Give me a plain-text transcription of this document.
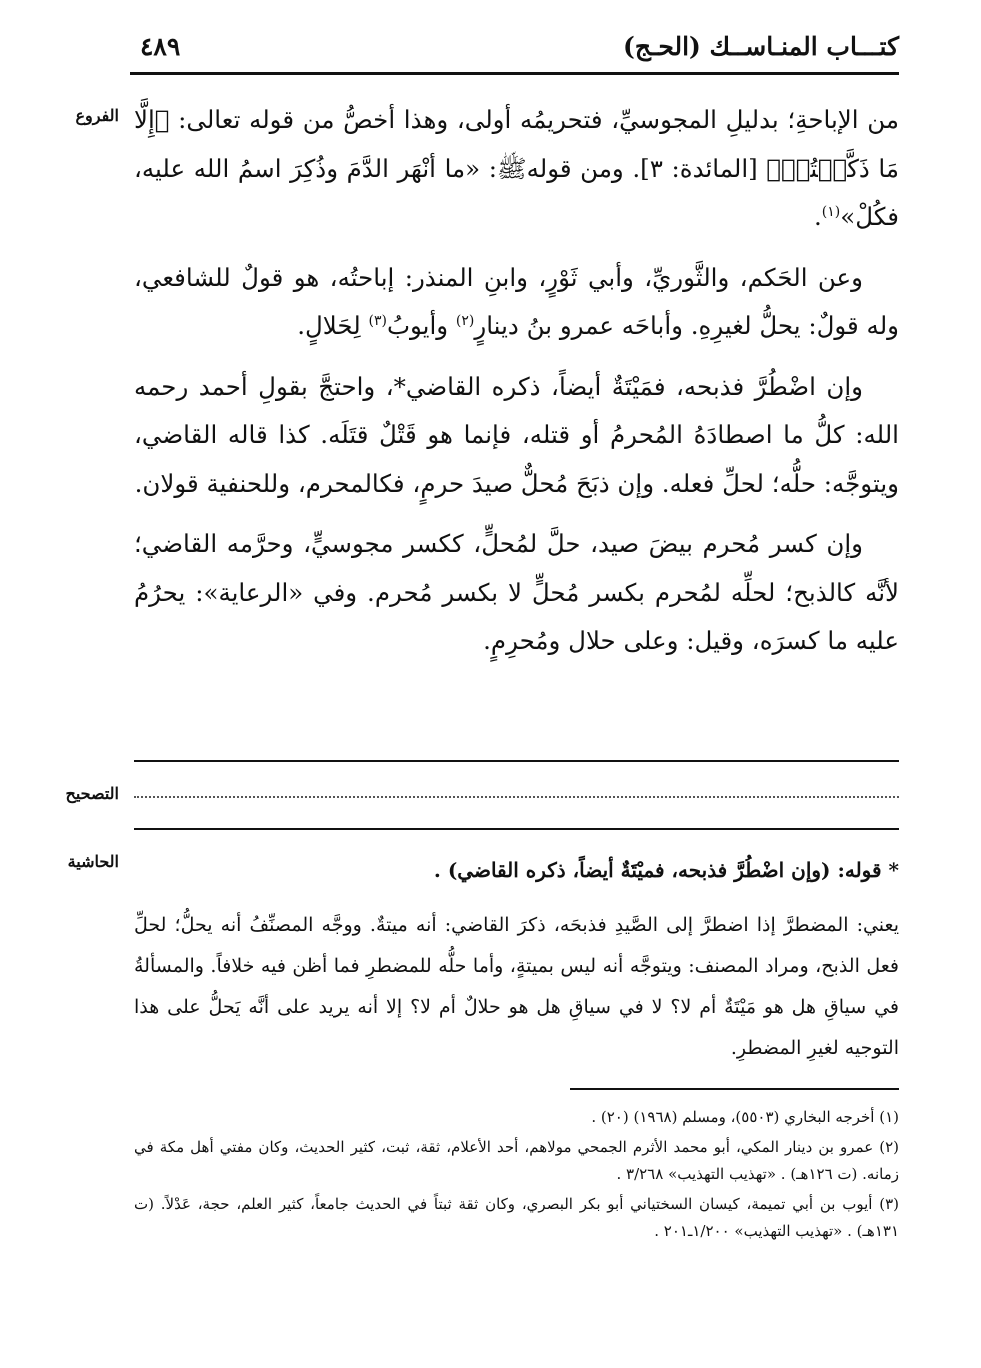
كتـــاب المنـاســك (الحـج)
٤٨٩
الفروع من الإباحةِ؛ بدليلِ المجوسيِّ، فتحريمُه أولى، وهذا أخصُّ من قوله تعالى: ﴿إِلَّا مَا ذَكَّيۡتُمۡ﴾ [المائدة: ٣]. ومن قولهﷺ: «ما أنْهَر الدَّمَ وذُكِرَ اسمُ الله عليه، فكُلْ»$^{(١)}$.

وعن الحَكم، والثَّوريِّ، وأبي ثَوْرٍ، وابنِ المنذر: إباحتُه، هو قولٌ للشافعي، وله قولٌ: يحلُّ لغيرِهِ. وأباحَه عمرو بنُ دينارٍ$^{(٢)}$ وأيوبُ$^{(٣)}$ لِحَلالٍ.

وإن اضْطُرَّ فذبحه، فمَيْتَةٌ أيضاً، ذكره القاضي*، واحتجَّ بقولِ أحمد رحمه الله: كلُّ ما اصطادَهُ المُحرمُ أو قتله، فإنما هو قَتْلٌ قتَلَه. كذا قاله القاضي، ويتوجَّه: حلُّه؛ لحلِّ فعله. وإن ذبَحَ مُحلٌّ صيدَ حرمٍ، فكالمحرم، وللحنفية قولان.

وإن كسر مُحرم بيضَ صيد، حلَّ لمُحلٍّ، ككسر مجوسيٍّ، وحرَّمه القاضي؛ لأنَّه كالذبح؛ لحلِّه لمُحرم بكسر مُحلٍّ لا بكسر مُحرم. وفي «الرعاية»: يحرُمُ عليه ما كسرَه، وقيل: وعلى حلال ومُحرِمٍ.

التصحيح
الحاشية	* قوله: (وإن اضْطُرَّ فذبحه، فميْتَةٌ أيضاً، ذكره القاضي) .

يعني: المضطرَّ إذا اضطرَّ إلى الصَّيدِ فذبحَه، ذكرَ القاضي: أنه ميتةٌ. ووجَّه المصنِّفُ أنه يحلُّ؛ لحلِّ فعل الذبح، ومراد المصنف: ويتوجَّه أنه ليس بميتةٍ، وأما حلُّه للمضطرِ فما أظن فيه خلافاً. والمسألةُ في سياقِ هل هو مَيْتَةٌ أم لا؟ لا في سياقِ هل هو حلالٌ أم لا؟ إلا أنه يريد على أنَّه يَحلُّ على هذا التوجيه لغيرِ المضطرِ.

(١) أخرجه البخاري (٥٥٠٣)، ومسلم (١٩٦٨) (٢٠) .

(٢) عمرو بن دينار المكي، أبو محمد الأثرم الجمحي مولاهم، أحد الأعلام، ثقة، ثبت، كثير الحديث، وكان مفتي أهل مكة في زمانه. (ت ١٢٦هـ) . «تهذيب التهذيب» ٣/٢٦٨ .

(٣) أيوب بن أبي تميمة، كيسان السختياني أبو بكر البصري، وكان ثقة ثبتاً في الحديث جامعاً، كثير العلم، حجة، عَدْلاً. (ت ١٣١هـ) . «تهذيب التهذيب» ١/٢٠٠ـ٢٠١ .
